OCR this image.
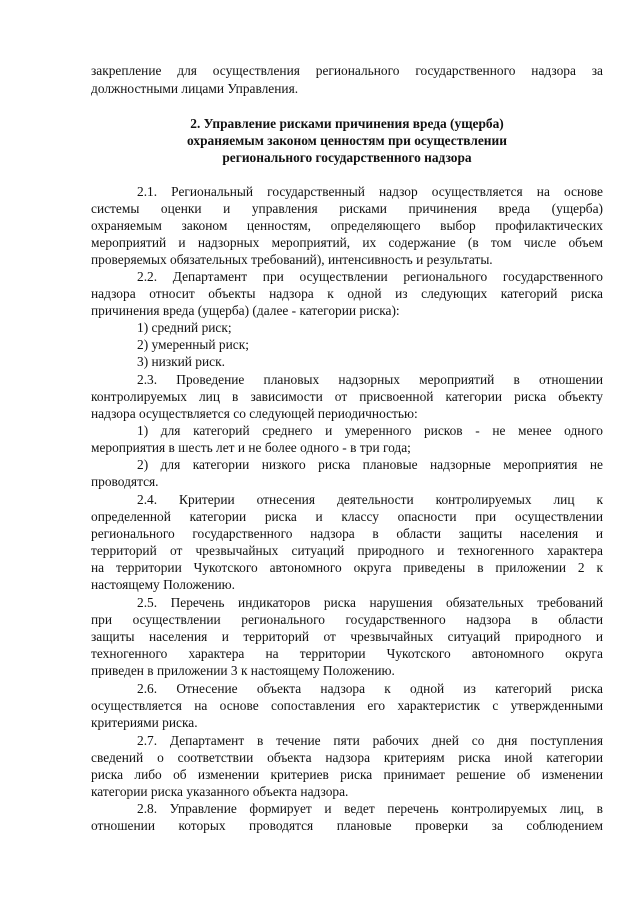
закрепление для осуществления регионального государственного надзора за
должностными лицами Управления.
2. Управление рисками причинения вреда (ущерба)
охраняемым законом ценностям при осуществлении
регионального государственного надзора
2.1. Региональный государственный надзор осуществляется на основе
системы оценки и управления рисками причинения вреда (ущерба)
охраняемым законом ценностям, определяющего выбор профилактических
мероприятий и надзорных мероприятий, их содержание (в том числе объем
проверяемых обязательных требований), интенсивность и результаты.
2.2. Департамент при осуществлении регионального государственного
надзора относит объекты надзора к одной из следующих категорий риска
причинения вреда (ущерба) (далее - категории риска):
1) средний риск;
2) умеренный риск;
3) низкий риск.
2.3. Проведение плановых надзорных мероприятий в отношении
контролируемых лиц в зависимости от присвоенной категории риска объекту
надзора осуществляется со следующей периодичностью:
1) для категорий среднего и умеренного рисков - не менее одного
мероприятия в шесть лет и не более одного - в три года;
2) для категории низкого риска плановые надзорные мероприятия не
проводятся.
2.4. Критерии отнесения деятельности контролируемых лиц к
определенной категории риска и классу опасности при осуществлении
регионального государственного надзора в области защиты населения и
территорий от чрезвычайных ситуаций природного и техногенного характера
на территории Чукотского автономного округа приведены в приложении 2 к
настоящему Положению.
2.5. Перечень индикаторов риска нарушения обязательных требований
при осуществлении регионального государственного надзора в области
защиты населения и территорий от чрезвычайных ситуаций природного и
техногенного характера на территории Чукотского автономного округа
приведен в приложении 3 к настоящему Положению.
2.6. Отнесение объекта надзора к одной из категорий риска
осуществляется на основе сопоставления его характеристик с утвержденными
критериями риска.
2.7. Департамент в течение пяти рабочих дней со дня поступления
сведений о соответствии объекта надзора критериям риска иной категории
риска либо об изменении критериев риска принимает решение об изменении
категории риска указанного объекта надзора.
2.8. Управление формирует и ведет перечень контролируемых лиц, в
отношении которых проводятся плановые проверки за соблюдением
